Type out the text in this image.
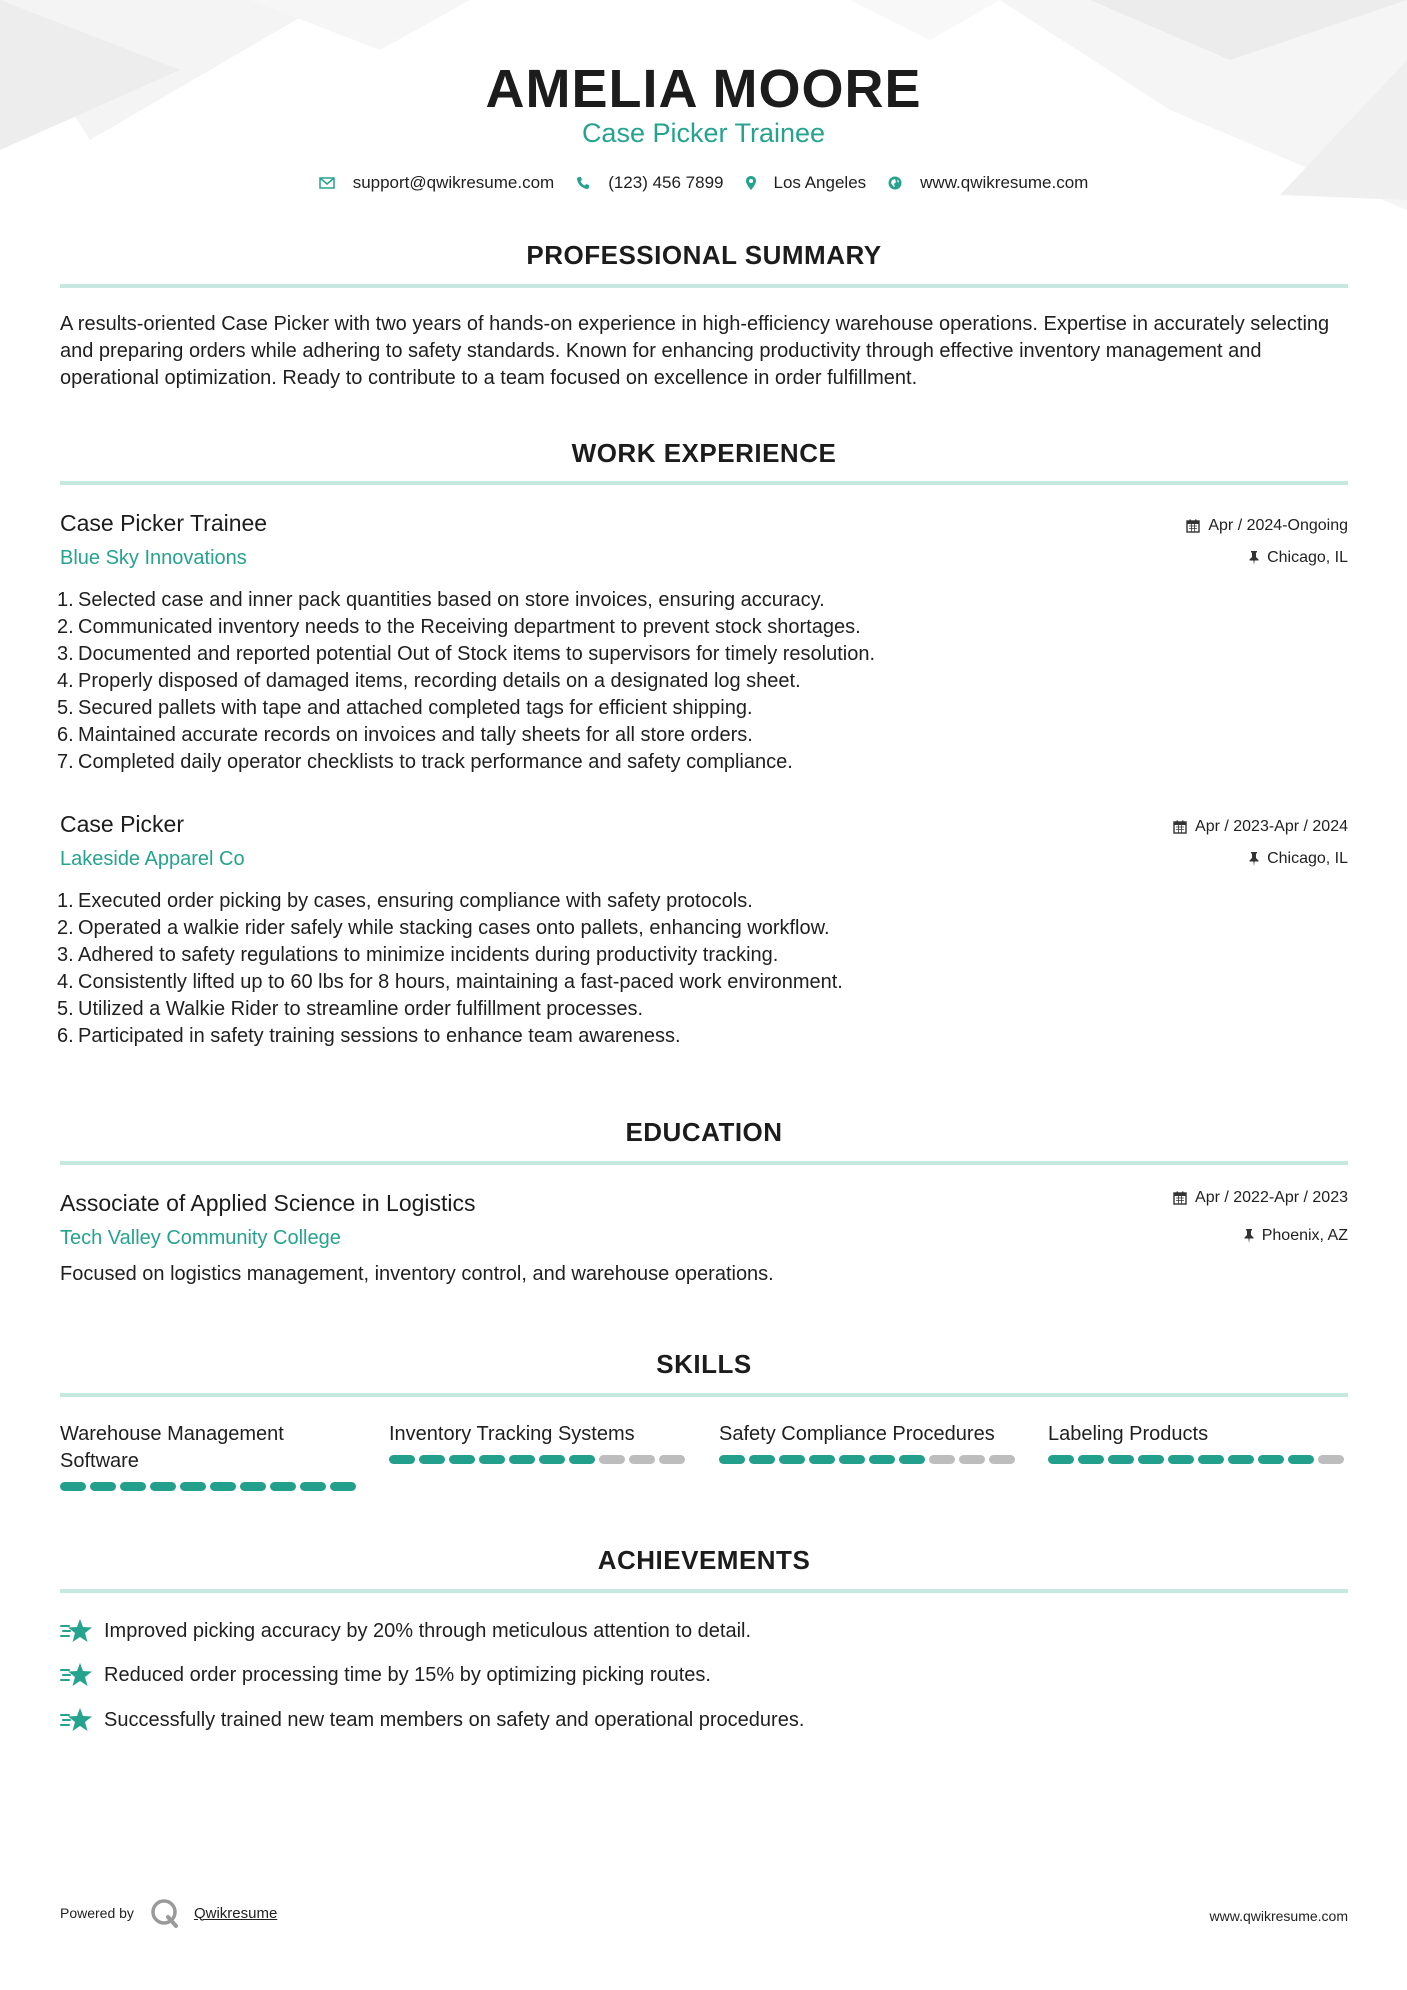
AMELIA MOORE
Case Picker Trainee
support@qwikresume.com	(123) 456 7899	Los Angeles	www.qwikresume.com
PROFESSIONAL SUMMARY
A results-oriented Case Picker with two years of hands-on experience in high-efficiency warehouse operations. Expertise in accurately selecting and preparing orders while adhering to safety standards. Known for enhancing productivity through effective inventory management and operational optimization. Ready to contribute to a team focused on excellence in order fulfillment.
WORK EXPERIENCE
Case Picker Trainee
Blue Sky Innovations
Apr / 2024-Ongoing
Chicago, IL
1. Selected case and inner pack quantities based on store invoices, ensuring accuracy.
2. Communicated inventory needs to the Receiving department to prevent stock shortages.
3. Documented and reported potential Out of Stock items to supervisors for timely resolution.
4. Properly disposed of damaged items, recording details on a designated log sheet.
5. Secured pallets with tape and attached completed tags for efficient shipping.
6. Maintained accurate records on invoices and tally sheets for all store orders.
7. Completed daily operator checklists to track performance and safety compliance.
Case Picker
Lakeside Apparel Co
Apr / 2023-Apr / 2024
Chicago, IL
1. Executed order picking by cases, ensuring compliance with safety protocols.
2. Operated a walkie rider safely while stacking cases onto pallets, enhancing workflow.
3. Adhered to safety regulations to minimize incidents during productivity tracking.
4. Consistently lifted up to 60 lbs for 8 hours, maintaining a fast-paced work environment.
5. Utilized a Walkie Rider to streamline order fulfillment processes.
6. Participated in safety training sessions to enhance team awareness.
EDUCATION
Associate of Applied Science in Logistics
Tech Valley Community College
Apr / 2022-Apr / 2023
Phoenix, AZ
Focused on logistics management, inventory control, and warehouse operations.
SKILLS
Warehouse Management Software
Inventory Tracking Systems	Safety Compliance Procedures	Labeling Products
ACHIEVEMENTS
Improved picking accuracy by 20% through meticulous attention to detail.
Reduced order processing time by 15% by optimizing picking routes.
Successfully trained new team members on safety and operational procedures.
Powered by	Qwikresume	www.qwikresume.com
